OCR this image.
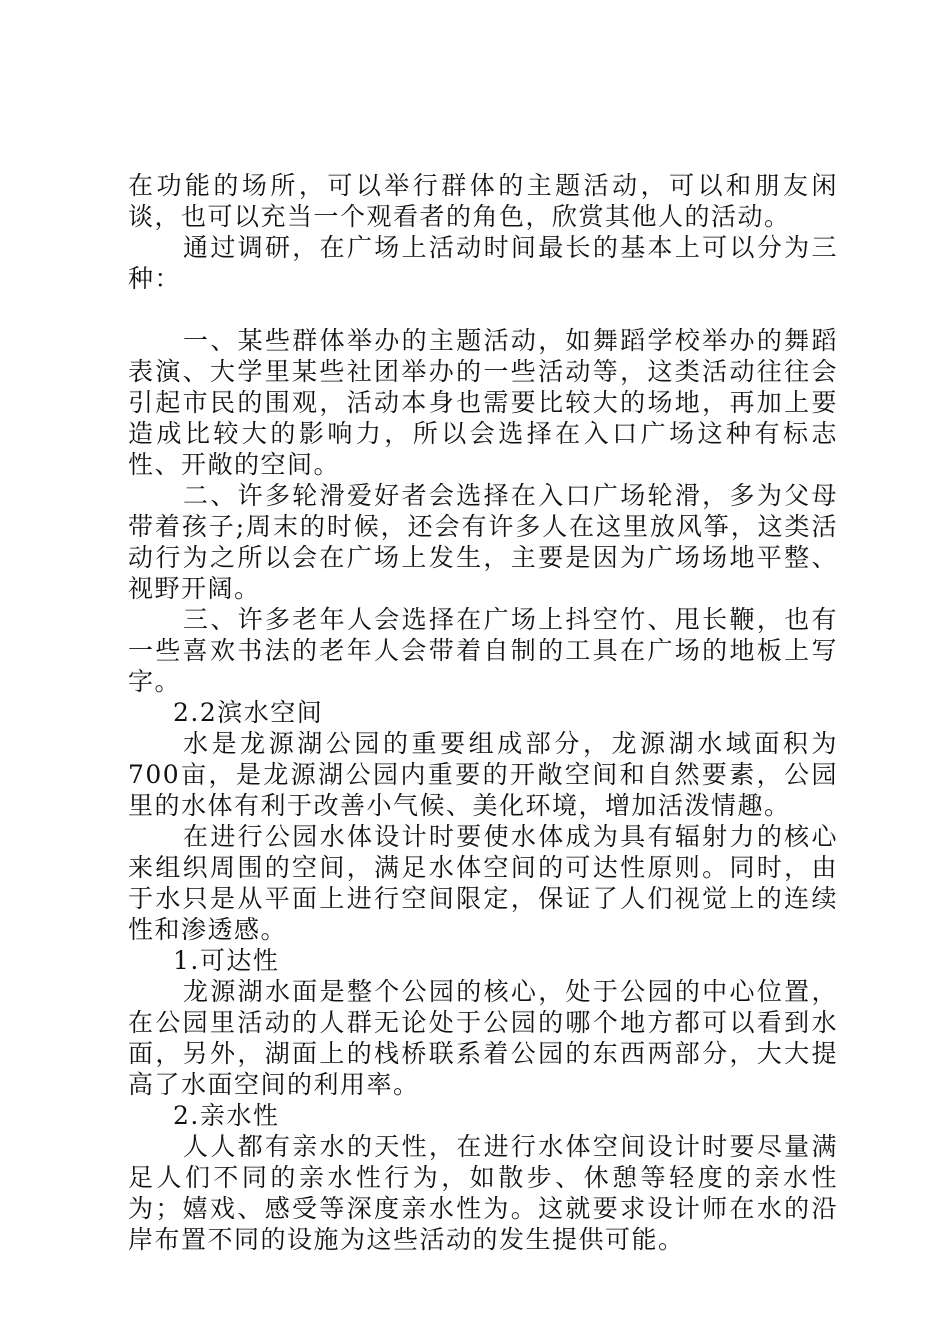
在功能的场所，可以举行群体的主题活动，可以和朋友闲谈，也可以充当一个观看者的角色，欣赏其他人的活动。

通过调研，在广场上活动时间最长的基本上可以分为三种：

一、某些群体举办的主题活动，如舞蹈学校举办的舞蹈表演、大学里某些社团举办的一些活动等，这类活动往往会引起市民的围观，活动本身也需要比较大的场地，再加上要造成比较大的影响力，所以会选择在入口广场这种有标志性、开敞的空间。

二、许多轮滑爱好者会选择在入口广场轮滑，多为父母带着孩子;周末的时候，还会有许多人在这里放风筝，这类活动行为之所以会在广场上发生，主要是因为广场场地平整、视野开阔。

三、许多老年人会选择在广场上抖空竹、甩长鞭，也有一些喜欢书法的老年人会带着自制的工具在广场的地板上写字。

2.2滨水空间

水是龙源湖公园的重要组成部分，龙源湖水域面积为700亩，是龙源湖公园内重要的开敞空间和自然要素，公园里的水体有利于改善小气候、美化环境，增加活泼情趣。

在进行公园水体设计时要使水体成为具有辐射力的核心来组织周围的空间，满足水体空间的可达性原则。同时，由于水只是从平面上进行空间限定，保证了人们视觉上的连续性和渗透感。

1.可达性

龙源湖水面是整个公园的核心，处于公园的中心位置，在公园里活动的人群无论处于公园的哪个地方都可以看到水面，另外，湖面上的栈桥联系着公园的东西两部分，大大提高了水面空间的利用率。

2.亲水性

人人都有亲水的天性，在进行水体空间设计时要尽量满足人们不同的亲水性行为，如散步、休憩等轻度的亲水性为；嬉戏、感受等深度亲水性为。这就要求设计师在水的沿岸布置不同的设施为这些活动的发生提供可能。
